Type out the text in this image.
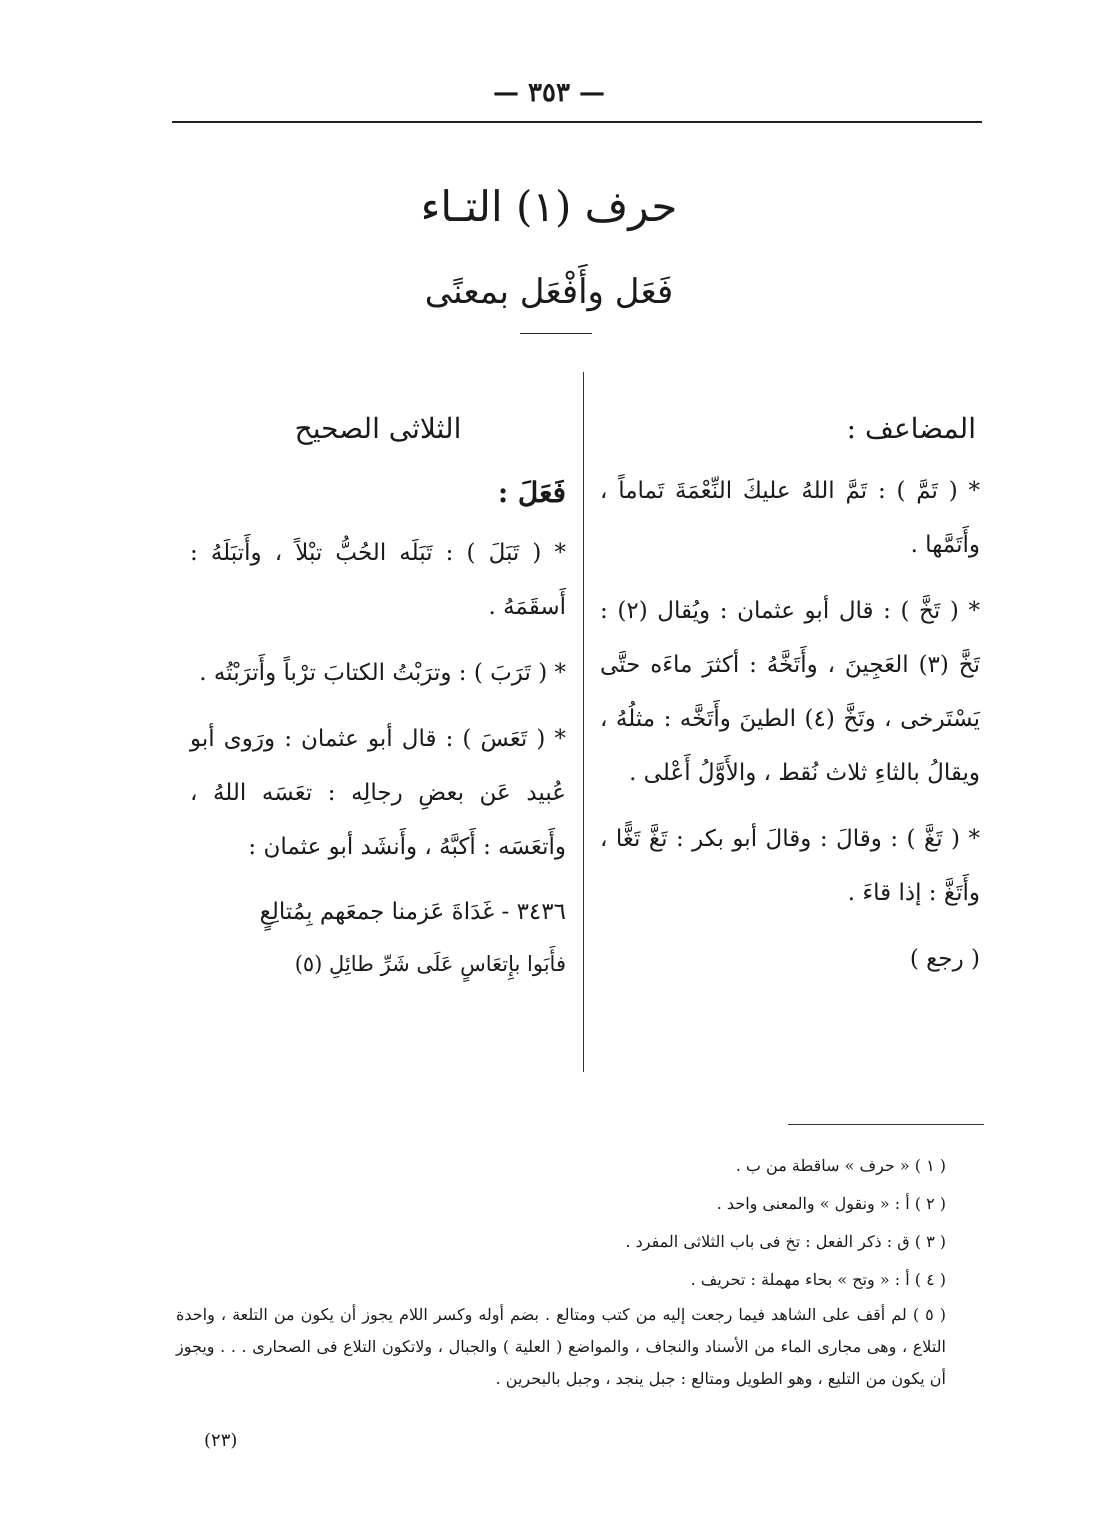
— ٣٥٣ —
حرف (١) التـاء
فَعَل وأَفْعَل بمعنًى
المضاعف :
* ( تَمَّ ) : تَمَّ اللهُ عليكَ النِّعْمَةَ تَماماً ، وأَتَمَّها .
* ( تَخَّ ) : قال أبو عثمان : ويُقال (٢) : تَخَّ (٣) العَجِينَ ، وأَتَخَّهُ : أكثرَ ماءَه حتَّى يَسْتَرخى ، وتَخَّ (٤) الطينَ وأَتَخَّه : مثلُهُ ، ويقالُ بالثاءِ ثلاث نُقط ، والأَوَّلُ أَعْلى .
* ( تَغَّ ) : وقالَ : وقالَ أبو بكر : تَغَّ تَغًّا ، وأَتَغَّ : إذا قاءَ .
( رجع )
الثلاثى الصحيح
فَعَلَ :
* ( تَبَلَ ) : تَبَلَه الحُبُّ تبْلاً ، وأَتبَلَهُ : أَسقَمَهُ .
* ( تَرَبَ ) : وترَبْتُ الكتابَ ترْباً وأَترَبْتُه .
* ( تَعَسَ ) : قال أبو عثمان : ورَوى أبو عُبيد عَن بعضِ رجالِه : تعَسَه اللهُ ، وأَتعَسَه : أَكبَّهُ ، وأَنشَد أبو عثمان :
٣٤٣٦ - غَدَاةَ عَزمنا جمعَهم بِمُتالِعٍ
فأَبَوا بإِتعَاسٍ عَلَى شَرِّ طائِلِ (٥)
( ١ ) « حرف » ساقطة من ب .
( ٢ ) أ : « ونقول » والمعنى واحد .
( ٣ ) ق : ذكر الفعل : تخ فى باب الثلاثى المفرد .
( ٤ ) أ : « وتح » بحاء مهملة : تحريف .
( ٥ ) لم أقف على الشاهد فيما رجعت إليه من كتب ومتالع . بضم أوله وكسر اللام يجوز أن يكون من التلعة ، واحدة التلاع ، وهى مجارى الماء من الأسناد والنجاف ، والمواضع ( العلية ) والجبال ، ولاتكون التلاع فى الصحارى . . . ويجوز أن يكون من التليع ، وهو الطويل ومتالع : جبل ينجد ، وجبل بالبحرين .
(٢٣)
